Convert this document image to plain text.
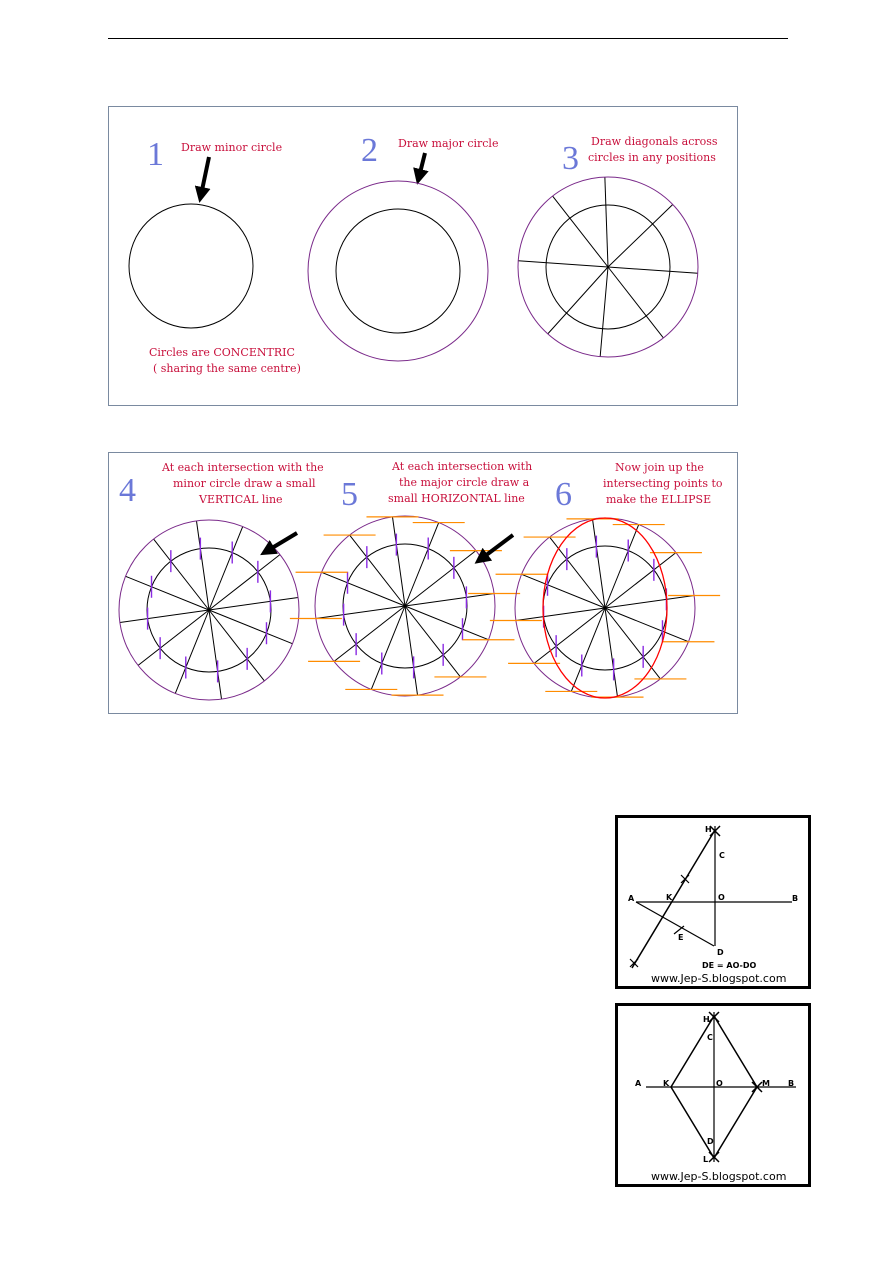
1 Draw minor circle
Circles are CONCENTRIC
( sharing the same centre)
2 Draw major circle 3 Draw diagonals across
circles in any positions
4
At each intersection with the
minor circle draw a small
VERTICAL line 5
At each intersection with
the major circle draw a
small HORIZONTAL line 6
Now join up the
intersecting points to
make the ELLIPSE
H
C
A	K	O	B
E
D
DE = AO-DO
www.Jep-S.blogspot.com
H
C
A	K	O	M B
D
L
www.Jep-S.blogspot.com
